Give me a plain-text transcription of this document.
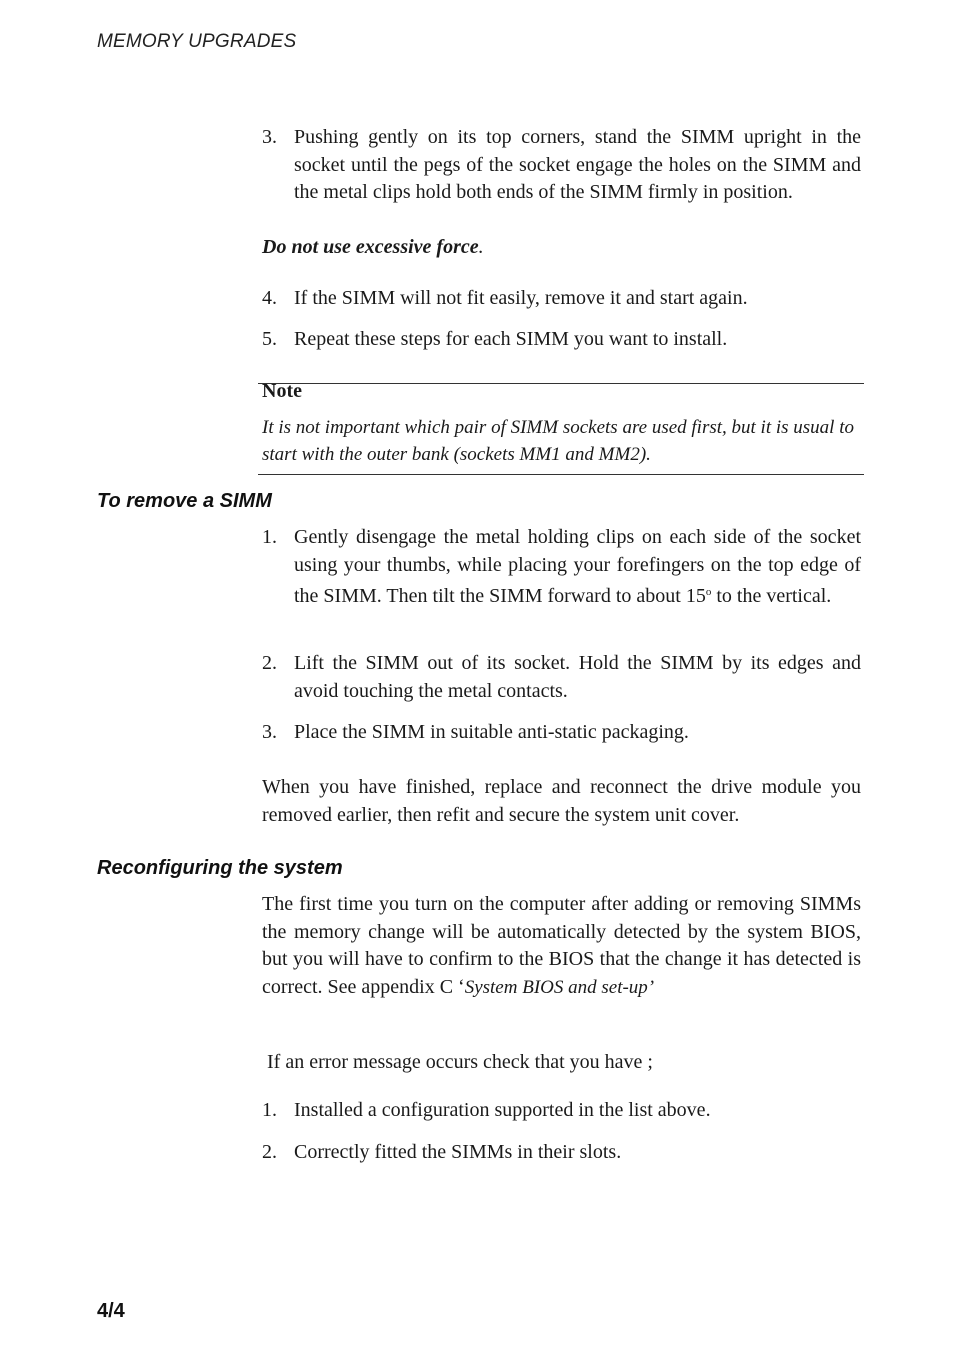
MEMORY UPGRADES
3. Pushing gently on its top corners, stand the SIMM upright in the socket until the pegs of the socket engage the holes on the SIMM and the metal clips hold both ends of the SIMM firmly in position.
Do not use excessive force.
4. If the SIMM will not fit easily, remove it and start again.
5. Repeat these steps for each SIMM you want to install.
Note
It is not important which pair of SIMM sockets are used first, but it is usual to start with the outer bank (sockets MM1 and MM2).
To remove a SIMM
1. Gently disengage the metal holding clips on each side of the socket using your thumbs, while placing your forefingers on the top edge of the SIMM. Then tilt the SIMM forward to about 15$^o$ to the vertical.
2. Lift the SIMM out of its socket. Hold the SIMM by its edges and avoid touching the metal contacts.
3. Place the SIMM in suitable anti-static packaging.
When you have finished, replace and reconnect the drive module you removed earlier, then refit and secure the system unit cover.
Reconfiguring the system
The first time you turn on the computer after adding or removing SIMMs the memory change will be automatically detected by the system BIOS, but you will have to confirm to the BIOS that the change it has detected is correct. See appendix C ‘System BIOS and set-up’
If an error message occurs check that you have ;
1. Installed a configuration supported in the list above.
2. Correctly fitted the SIMMs in their slots.
4/4
